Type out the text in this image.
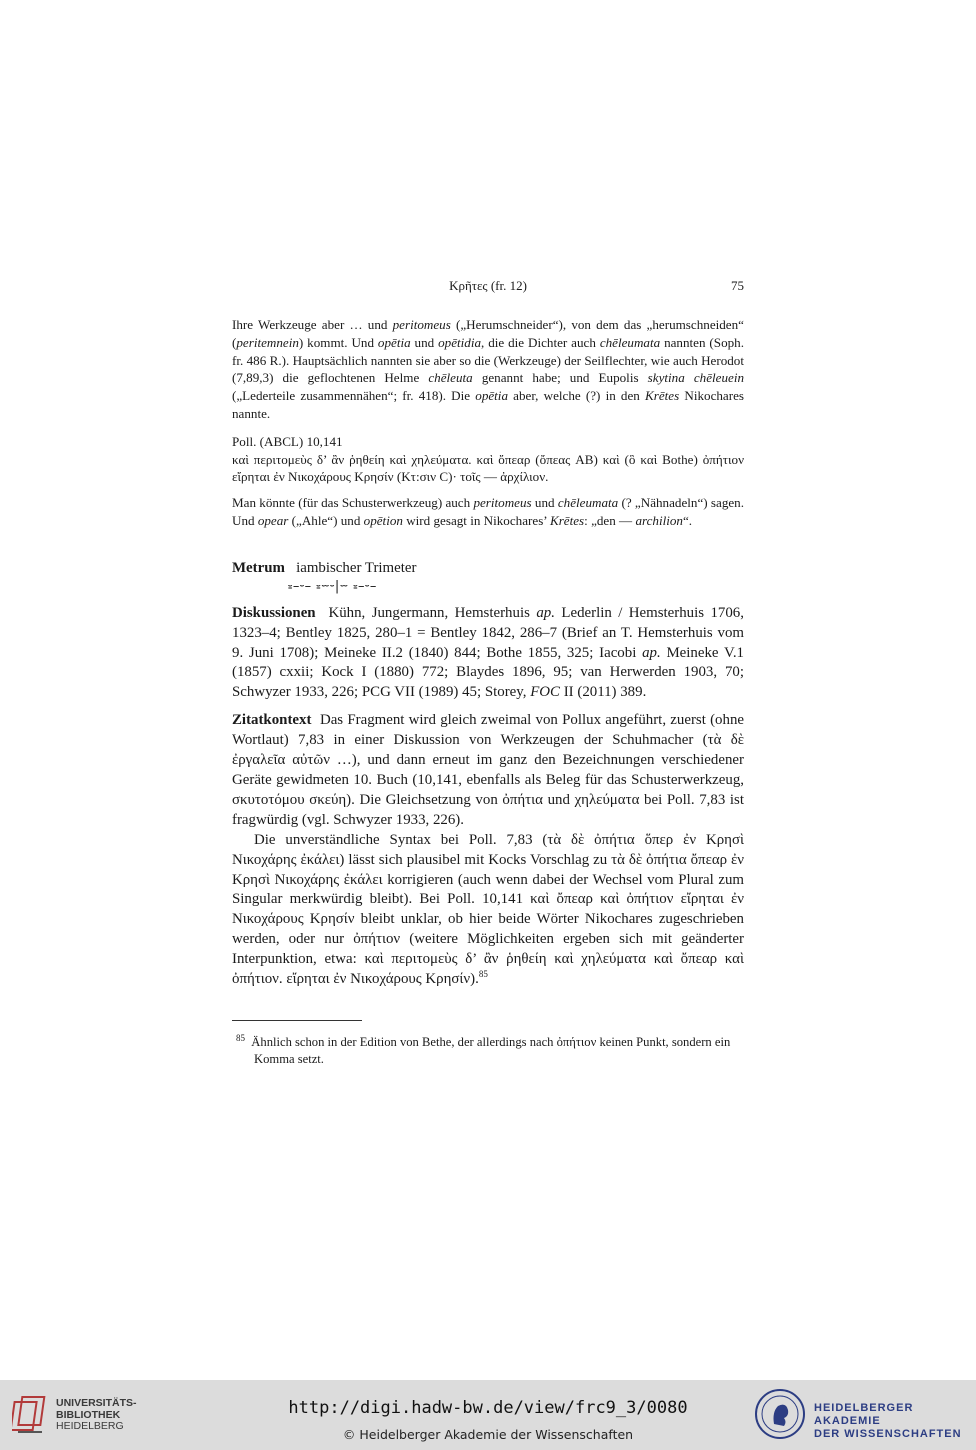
Κρῆτες (fr. 12)	75

Ihre Werkzeuge aber … und peritomeus („Herumschneider“), von dem das „herumschneiden“ (peritemnein) kommt. Und opētia und opētidia, die die Dichter auch chēleumata nannten (Soph. fr. 486 R.). Hauptsächlich nannten sie aber so die (Werkzeuge) der Seilflechter, wie auch Herodot (7,89,3) die geflochtenen Helme chēleuta genannt habe; und Eupolis skytina chēleuein („Lederteile zusammennähen“; fr. 418). Die opētia aber, welche (?) in den Krētes Nikochares nannte.

Poll. (ABCL) 10,141

καὶ περιτομεὺς δ’ ἂν ῥηθείη καὶ χηλεύματα. καὶ ὄπεαρ (ὄπεας AB) καὶ (ὃ καὶ Bothe) ὀπήτιον εἴρηται ἐν Νικοχάρους Κρησίν (Κτ:σιν C)· τοῖς — ἀρχίλιον.

Man könnte (für das Schusterwerkzeug) auch peritomeus und chēleumata (? „Nähnadeln“) sagen. Und opear („Ahle“) und opētion wird gesagt in Nikochares’ Krētes: „den — archilion“.

Metrum iambischer Trimeter
⏓–⏑– ⏓⏖⏑|⏖ ⏓–⏑–

Diskussionen Kühn, Jungermann, Hemsterhuis ap. Lederlin / Hemsterhuis 1706, 1323–4; Bentley 1825, 280–1 = Bentley 1842, 286–7 (Brief an T. Hemsterhuis vom 9. Juni 1708); Meineke II.2 (1840) 844; Bothe 1855, 325; Iacobi ap. Meineke V.1 (1857) cxxii; Kock I (1880) 772; Blaydes 1896, 95; van Herwerden 1903, 70; Schwyzer 1933, 226; PCG VII (1989) 45; Storey, FOC II (2011) 389.

Zitatkontext Das Fragment wird gleich zweimal von Pollux angeführt, zuerst (ohne Wortlaut) 7,83 in einer Diskussion von Werkzeugen der Schuhmacher (τὰ δὲ ἐργαλεῖα αὐτῶν …), und dann erneut im ganz den Bezeichnungen verschiedener Geräte gewidmeten 10. Buch (10,141, ebenfalls als Beleg für das Schusterwerkzeug, σκυτοτόμου σκεύη). Die Gleichsetzung von ὀπήτια und χηλεύματα bei Poll. 7,83 ist fragwürdig (vgl. Schwyzer 1933, 226).

Die unverständliche Syntax bei Poll. 7,83 (τὰ δὲ ὀπήτια ὅπερ ἐν Κρησὶ Νικοχάρης ἐκάλει) lässt sich plausibel mit Kocks Vorschlag zu τὰ δὲ ὀπήτια ὄπεαρ ἐν Κρησὶ Νικοχάρης ἐκάλει korrigieren (auch wenn dabei der Wechsel vom Plural zum Singular merkwürdig bleibt). Bei Poll. 10,141 καὶ ὄπεαρ καὶ ὀπήτιον εἴρηται ἐν Νικοχάρους Κρησίν bleibt unklar, ob hier beide Wörter Nikochares zugeschrieben werden, oder nur ὀπήτιον (weitere Möglichkeiten ergeben sich mit geänderter Interpunktion, etwa: καὶ περιτομεὺς δ’ ἂν ῥηθείη καὶ χηλεύματα καὶ ὄπεαρ καὶ ὀπήτιον. εἴρηται ἐν Νικοχάρους Κρησίν).$^{85}$

$^{85}$ Ähnlich schon in der Edition von Bethe, der allerdings nach ὀπήτιον keinen Punkt, sondern ein Komma setzt.

UNIVERSITÄTS-
BIBLIOTHEK
HEIDELBERG
http://digi.hadw-bw.de/view/frc9_3/0080
© Heidelberger Akademie der Wissenschaften
HEIDELBERGER AKADEMIE
DER WISSENSCHAFTEN
